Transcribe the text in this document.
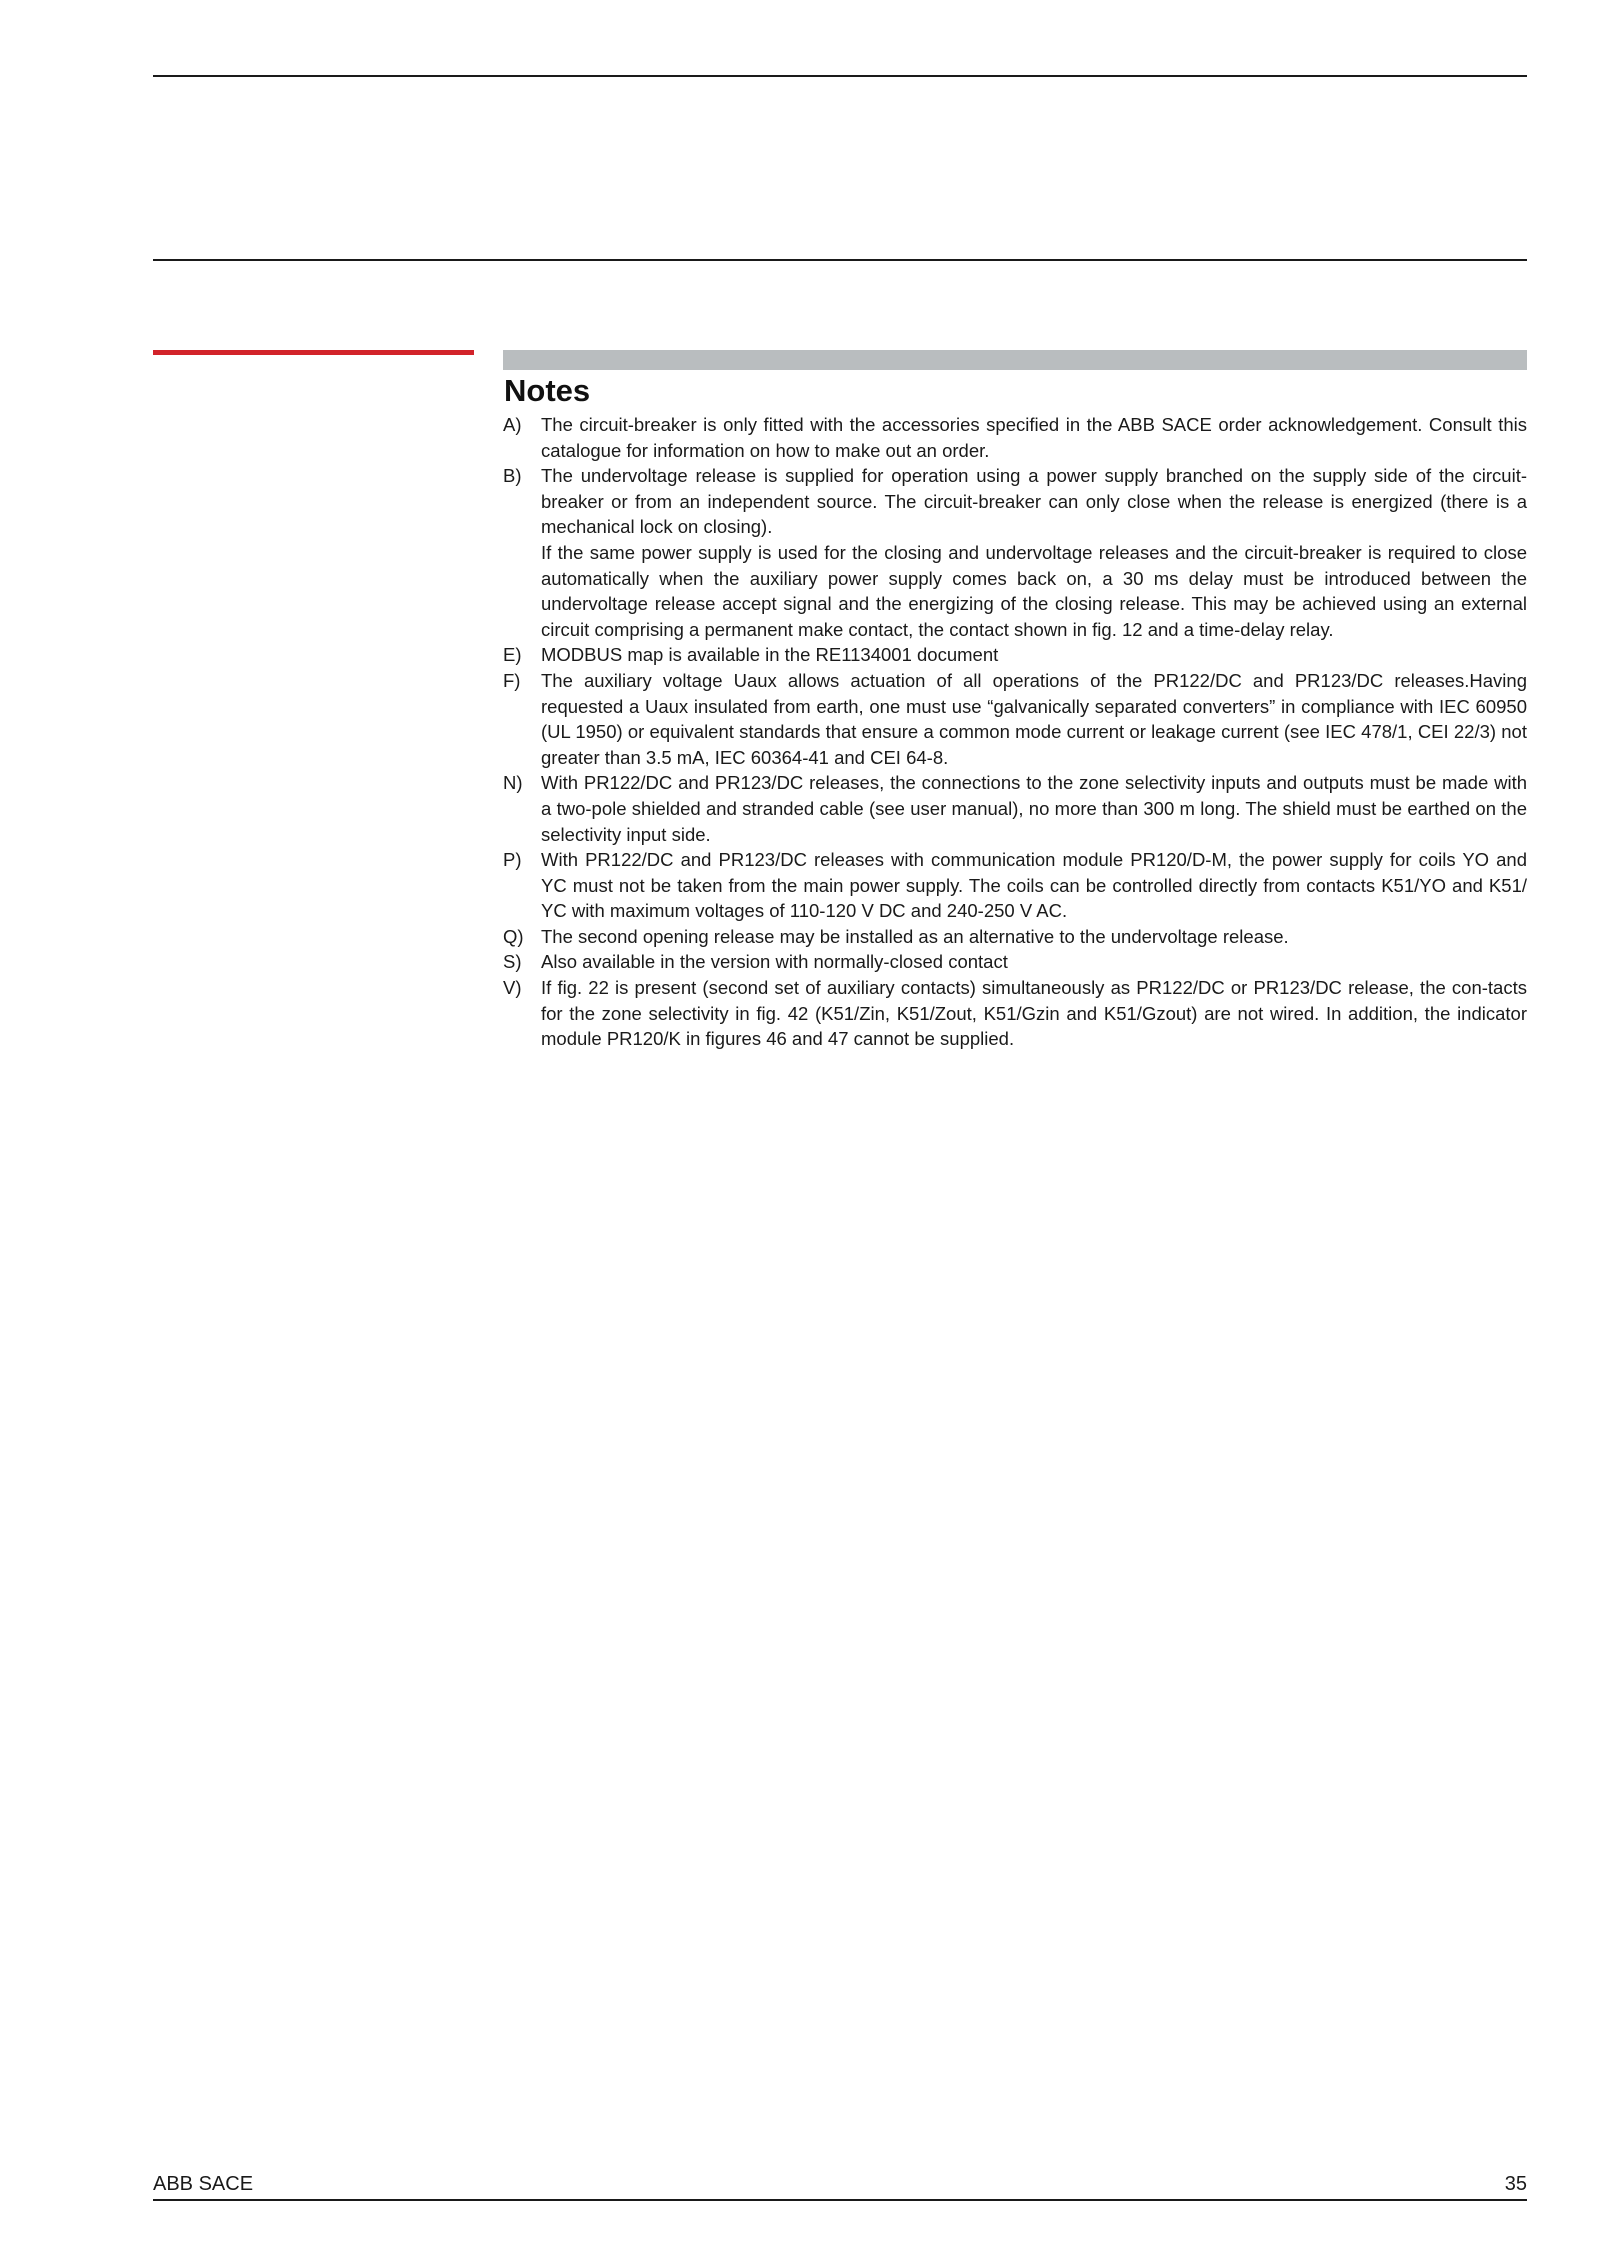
Notes
A)	The circuit-breaker is only fitted with the accessories specified in the ABB SACE order acknowledgement. Consult this catalogue for information on how to make out an order.

B)	The undervoltage release is supplied for operation using a power supply branched on the supply side of the circuit-breaker or from an independent source. The circuit-breaker can only close when the release is energized (there is a mechanical lock on closing).

If the same power supply is used for the closing and undervoltage releases and the circuit-breaker is required to close automatically when the auxiliary power supply comes back on, a 30 ms delay must be introduced between the undervoltage release accept signal and the energizing of the closing release. This may be achieved using an external circuit comprising a permanent make contact, the contact shown in fig. 12 and a time-delay relay.

E)	MODBUS map is available in the RE1134001 document

F)	The auxiliary voltage Uaux allows actuation of all operations of the PR122/DC and PR123/DC releases.Having requested a Uaux insulated from earth, one must use “galvanically separated converters” in compliance with IEC 60950 (UL 1950) or equivalent standards that ensure a common mode current or leakage current (see IEC 478/1, CEI 22/3) not greater than 3.5 mA, IEC 60364-41 and CEI 64-8.

N) With PR122/DC and PR123/DC releases, the connections to the zone selectivity inputs and outputs must be made with a two-pole shielded and stranded cable (see user manual), no more than 300 m long. The shield must be earthed on the selectivity input side.

P)	With PR122/DC and PR123/DC releases with communication module PR120/D-M, the power supply for coils YO and YC must not be taken from the main power supply. The coils can be controlled directly from contacts K51/YO and K51/ YC with maximum voltages of 110-120 V DC and 240-250 V AC.

Q) The second opening release may be installed as an alternative to the undervoltage release.

S)	Also available in the version with normally-closed contact

V)	If fig. 22 is present (second set of auxiliary contacts) simultaneously as PR122/DC or PR123/DC release, the con-tacts for the zone selectivity in fig. 42 (K51/Zin, K51/Zout, K51/Gzin and K51/Gzout) are not wired. In addition, the indicator module PR120/K in figures 46 and 47 cannot be supplied.

ABB SACE	35
